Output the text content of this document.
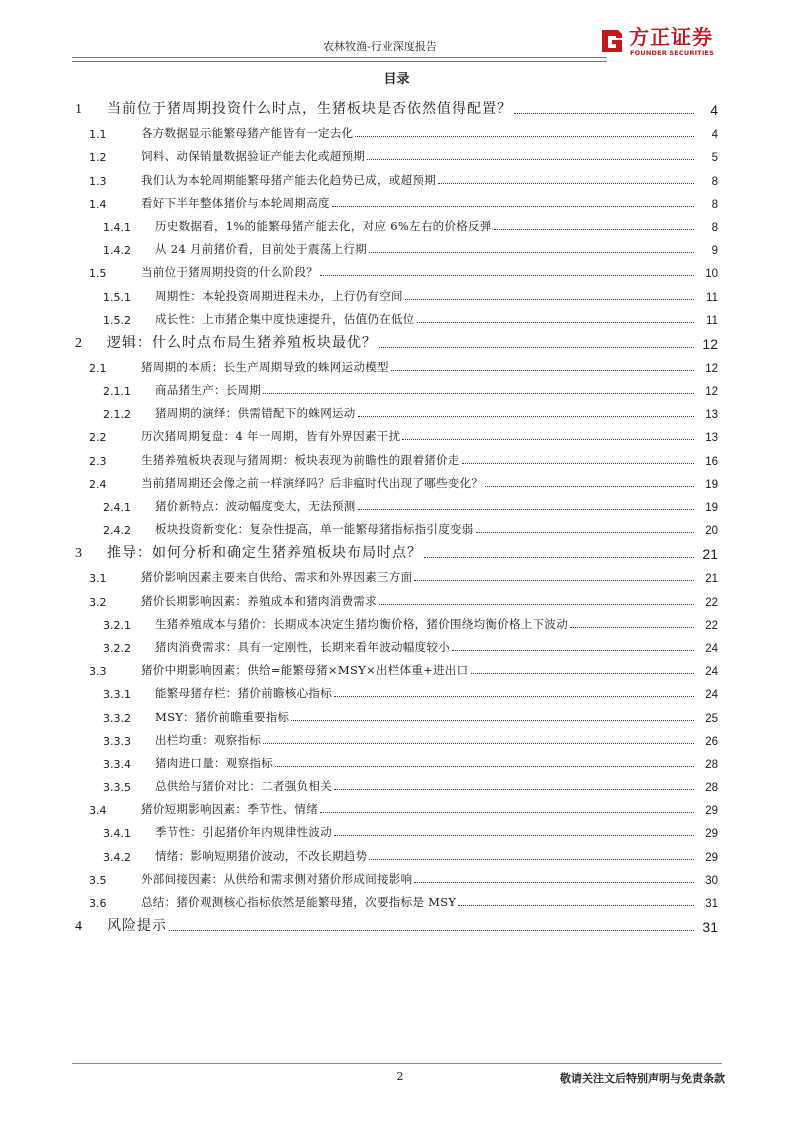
农林牧渔-行业深度报告	方正证券
FOUNDER SECURITIES
目录
1	当前位于猪周期投资什么时点，生猪板块是否依然值得配置？	4
1.1	各方数据显示能繁母猪产能皆有一定去化	4
1.2	饲料、动保销量数据验证产能去化或超预期	5
1.3	我们认为本轮周期能繁母猪产能去化趋势已成，或超预期	8
1.4	看好下半年整体猪价与本轮周期高度	8
1.4.1	历史数据看，1%的能繁母猪产能去化，对应 6%左右的价格反弹	8
1.4.2	从 24 月前猪价看，目前处于震荡上行期	9
1.5	当前位于猪周期投资的什么阶段？	10
1.5.1	周期性：本轮投资周期进程未办，上行仍有空间	11
1.5.2	成长性：上市猪企集中度快速提升，估值仍在低位	11
2	逻辑：什么时点布局生猪养殖板块最优？	12
2.1	猪周期的本质：长生产周期导致的蛛网运动模型	12
2.1.1	商品猪生产：长周期	12
2.1.2	猪周期的演绎：供需错配下的蛛网运动	13
2.2	历次猪周期复盘：4 年一周期，皆有外界因素干扰	13
2.3	生猪养殖板块表现与猪周期：板块表现为前瞻性的跟着猪价走	16
2.4	当前猪周期还会像之前一样演绎吗？后非瘟时代出现了哪些变化？	19
2.4.1	猪价新特点：波动幅度变大，无法预测	19
2.4.2	板块投资新变化：复杂性提高，单一能繁母猪指标指引度变弱	20
3	推导：如何分析和确定生猪养殖板块布局时点？	21
3.1	猪价影响因素主要来自供给、需求和外界因素三方面	21
3.2	猪价长期影响因素：养殖成本和猪肉消费需求	22
3.2.1	生猪养殖成本与猪价：长期成本决定生猪均衡价格，猪价围绕均衡价格上下波动	22
3.2.2	猪肉消费需求：具有一定刚性，长期来看年波动幅度较小	24
3.3	猪价中期影响因素：供给=能繁母猪×MSY×出栏体重+进出口	24
3.3.1	能繁母猪存栏：猪价前瞻核心指标	24
3.3.2	MSY：猪价前瞻重要指标	25
3.3.3	出栏均重：观察指标	26
3.3.4	猪肉进口量：观察指标	28
3.3.5	总供给与猪价对比：二者强负相关	28
3.4	猪价短期影响因素：季节性、情绪	29
3.4.1	季节性：引起猪价年内规律性波动	29
3.4.2	情绪：影响短期猪价波动，不改长期趋势	29
3.5	外部间接因素：从供给和需求侧对猪价形成间接影响	30
3.6	总结：猪价观测核心指标依然是能繁母猪，次要指标是 MSY	31
4	风险提示	31
2	敬请关注文后特别声明与免责条款
